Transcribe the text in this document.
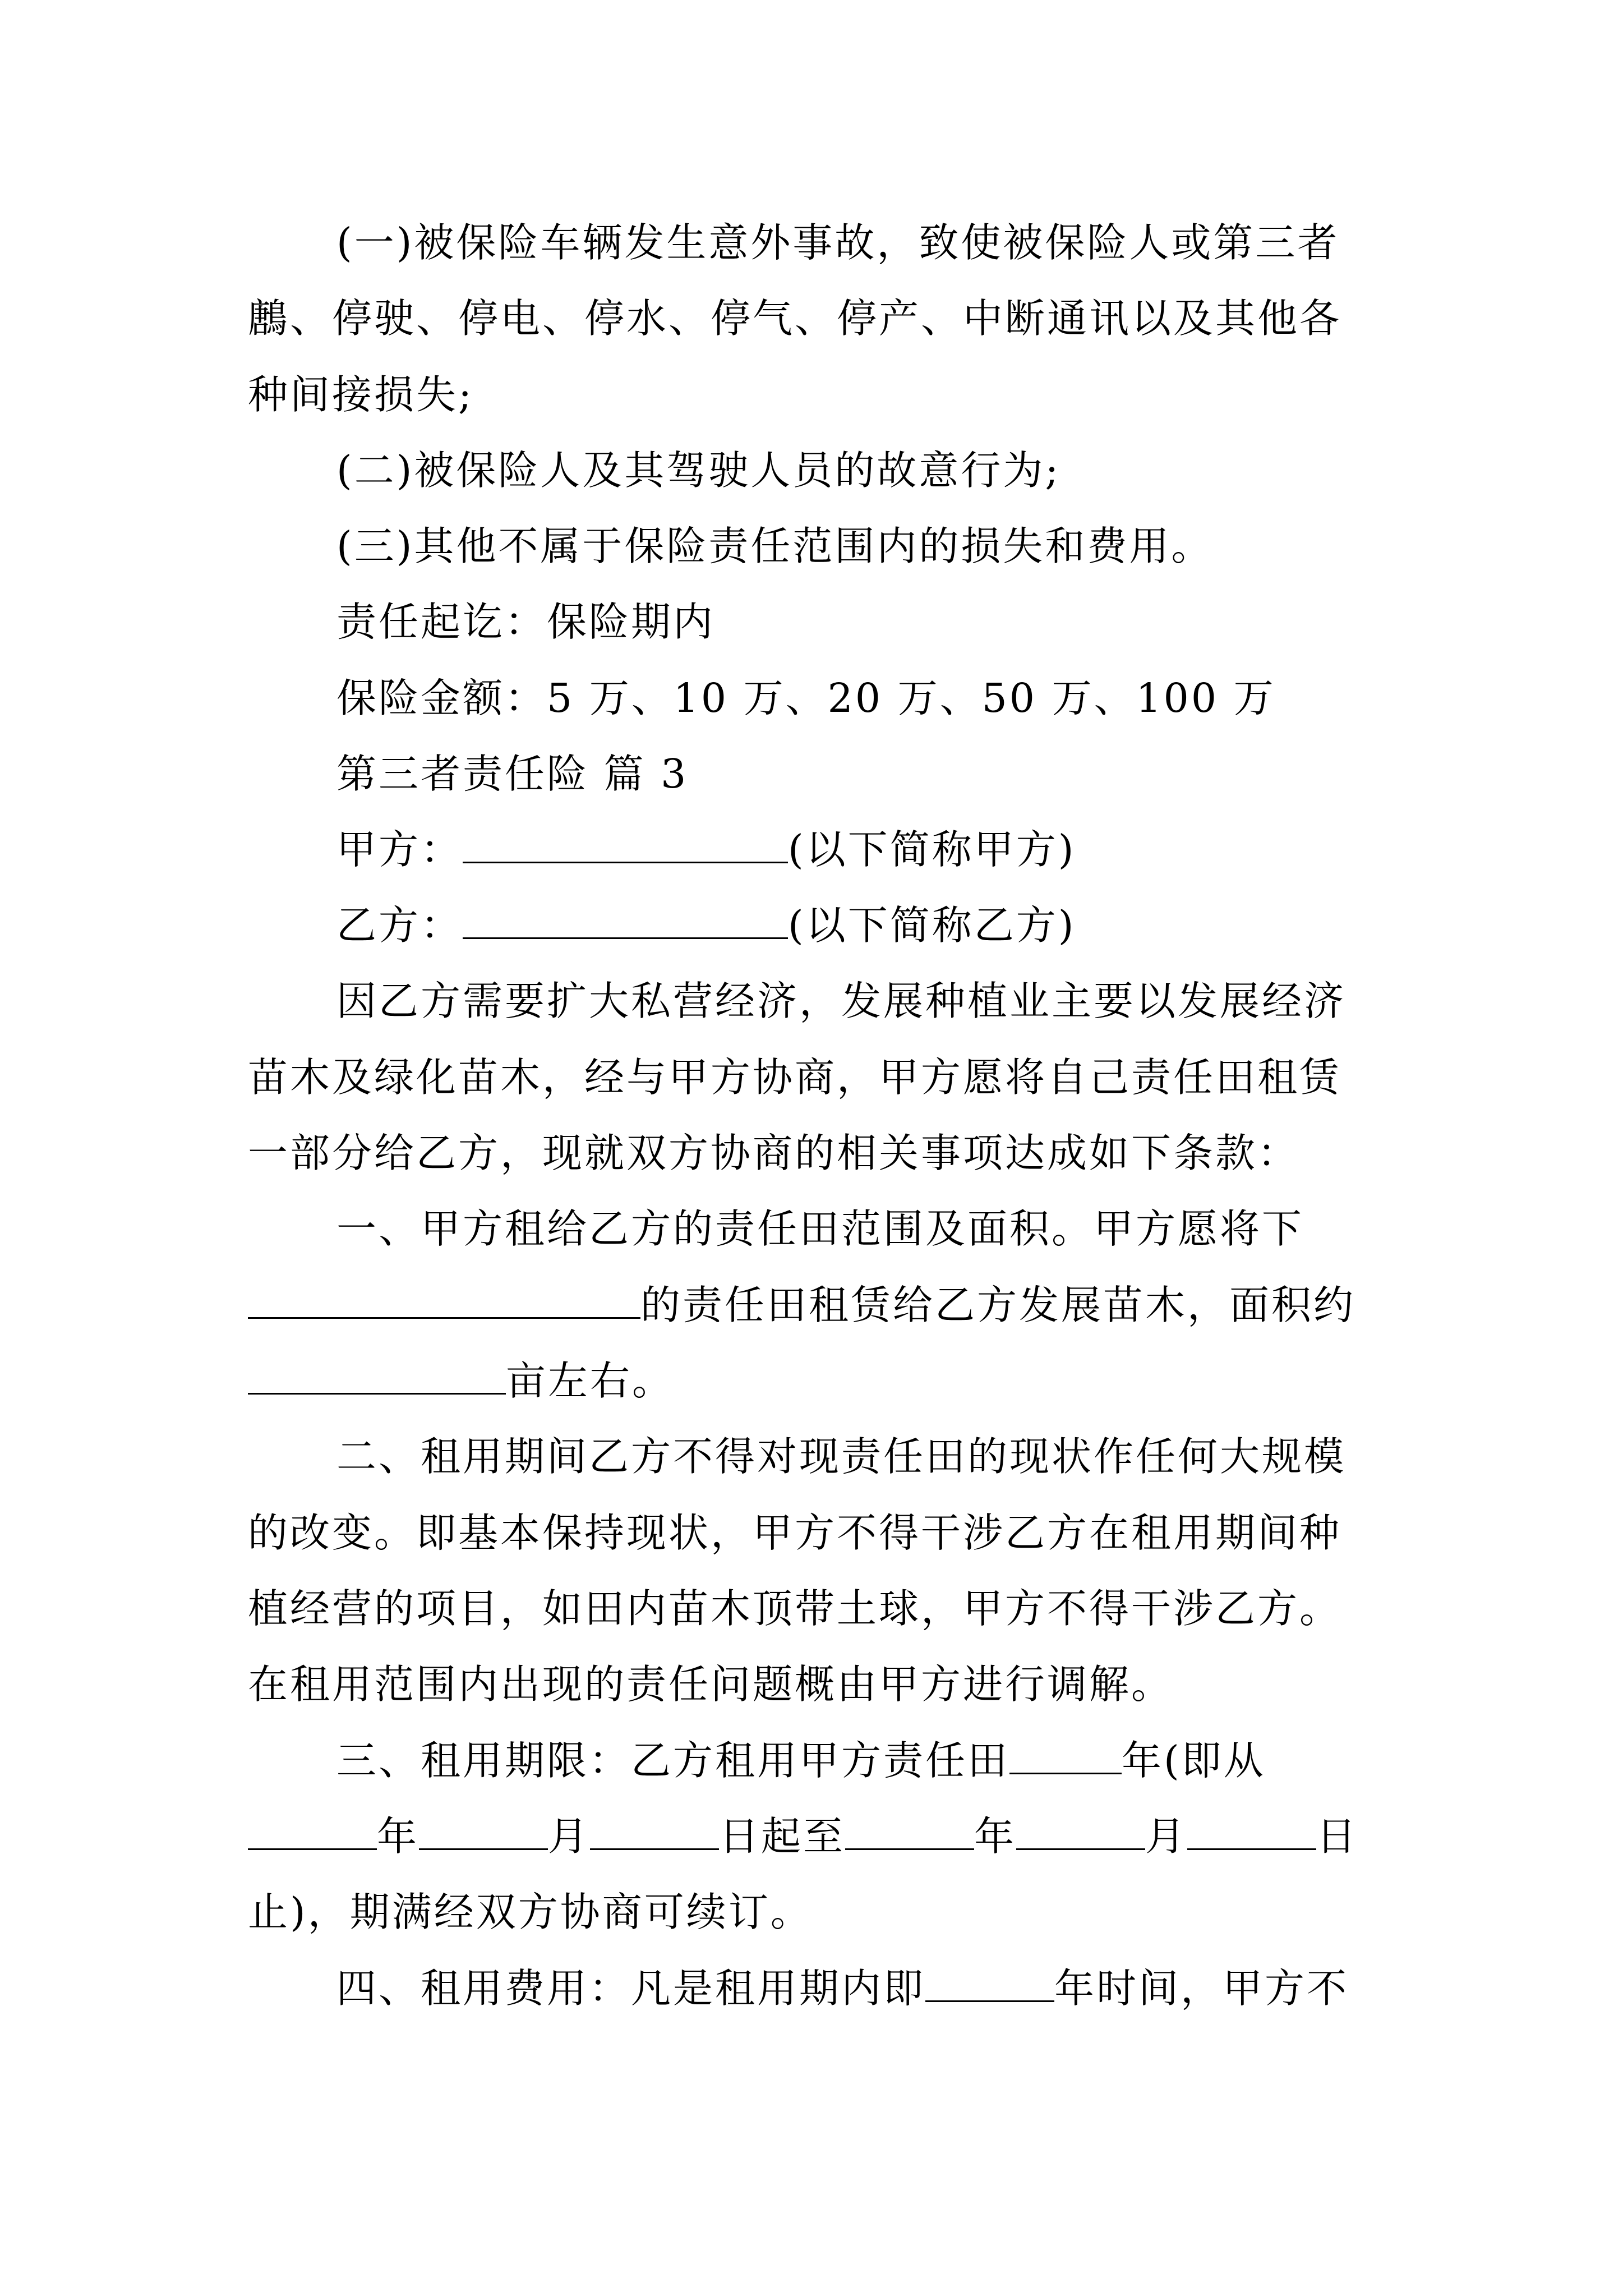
(一)被保险车辆发生意外事故，致使被保险人或第三者
鶶、停驶、停电、停水、停气、停产、中断通讯以及其他各
种间接损失;
(二)被保险人及其驾驶人员的故意行为;
(三)其他不属于保险责任范围内的损失和费用。
责任起讫：保险期内
保险金额：5 万、10 万、20 万、50 万、100 万
第三者责任险 篇 3
甲方：	(以下简称甲方)
乙方：	(以下简称乙方)
因乙方需要扩大私营经济，发展种植业主要以发展经济
苗木及绿化苗木，经与甲方协商，甲方愿将自己责任田租赁
一部分给乙方，现就双方协商的相关事项达成如下条款：
一、甲方租给乙方的责任田范围及面积。甲方愿将下
的责任田租赁给乙方发展苗木，面积约
亩左右。
二、租用期间乙方不得对现责任田的现状作任何大规模
的改变。即基本保持现状，甲方不得干涉乙方在租用期间种
植经营的项目，如田内苗木顶带土球，甲方不得干涉乙方。
在租用范围内出现的责任问题概由甲方进行调解。
三、租用期限：乙方租用甲方责任田	年(即从
年	月	日起至	年	月	日
止)，期满经双方协商可续订。
四、租用费用：凡是租用期内即	年时间，甲方不
